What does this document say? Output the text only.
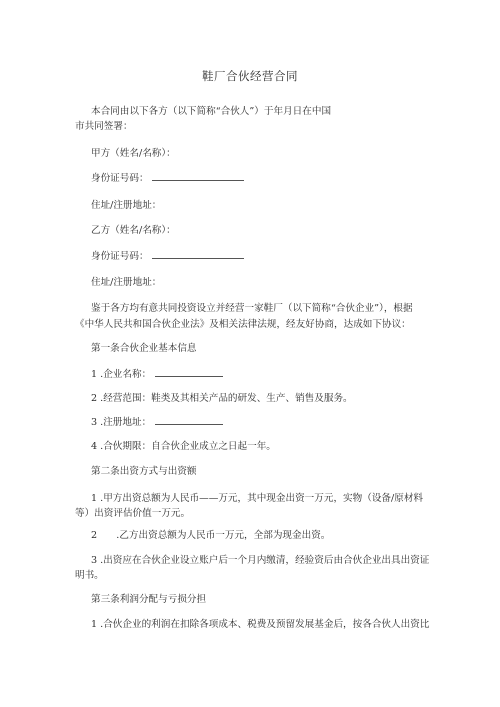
鞋厂合伙经营合同
本合同由以下各方（以下简称“合伙人”）于年月日在中国
市共同签署：
甲方（姓名/名称）：
身份证号码：
住址/注册地址：
乙方（姓名/名称）：
身份证号码：
住址/注册地址：
鉴于各方均有意共同投资设立并经营一家鞋厂（以下简称“合伙企业”），根据
《中华人民共和国合伙企业法》及相关法律法规，经友好协商，达成如下协议：
第一条合伙企业基本信息
1 .企业名称：
2 .经营范围：鞋类及其相关产品的研发、生产、销售及服务。
3 .注册地址：
4 .合伙期限：自合伙企业成立之日起一年。
第二条出资方式与出资额
1 .甲方出资总额为人民币——万元，其中现金出资一万元，实物（设备/原材料
等）出资评估价值一万元。
2　　.乙方出资总额为人民币一万元，全部为现金出资。
3 .出资应在合伙企业设立账户后一个月内缴清，经验资后由合伙企业出具出资证
明书。
第三条利润分配与亏损分担
1 .合伙企业的利润在扣除各项成本、税费及预留发展基金后，按各合伙人出资比
